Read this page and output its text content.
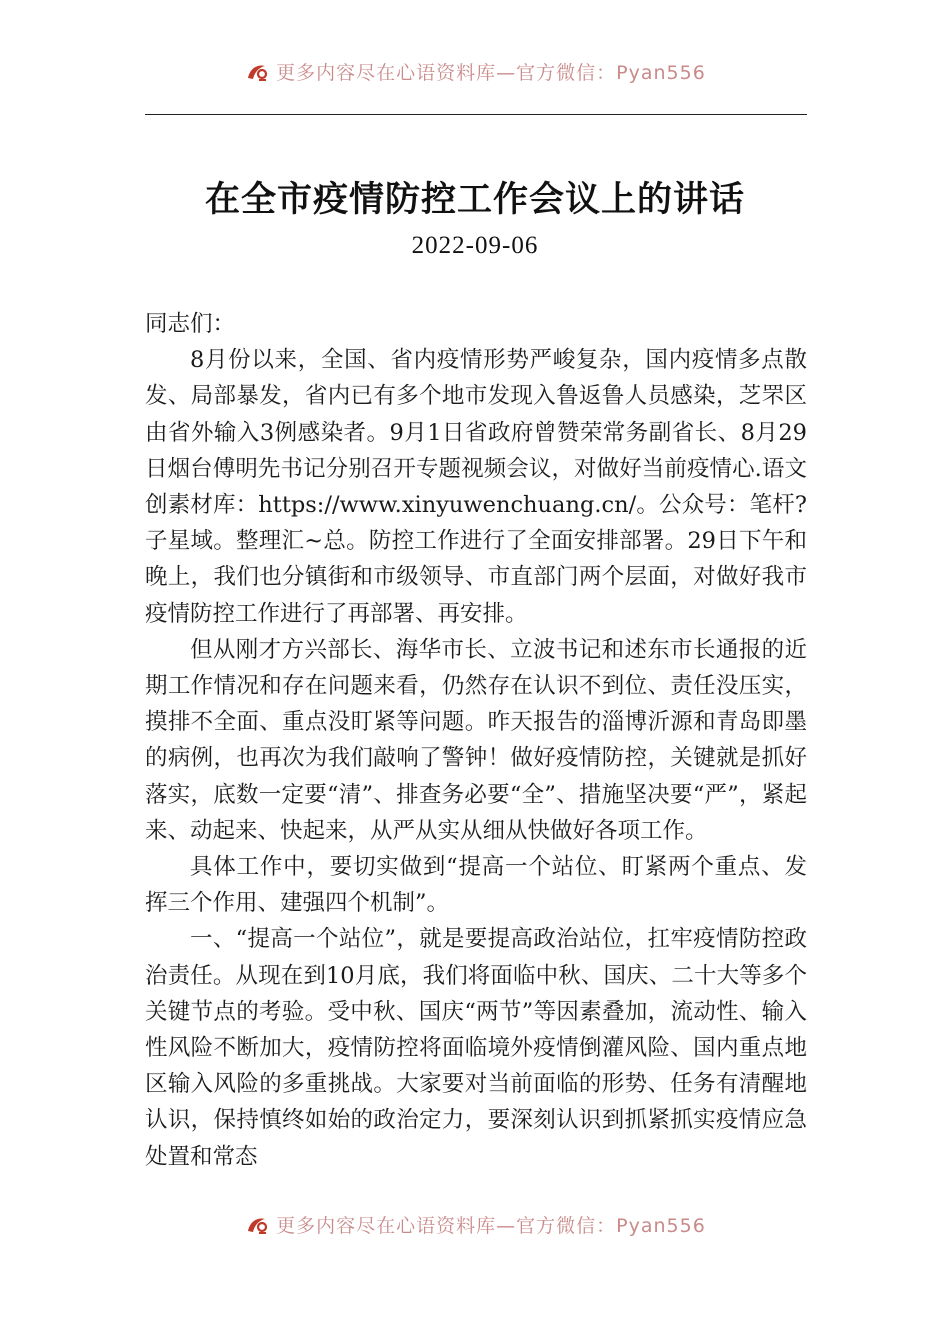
更多内容尽在心语资料库—官方微信：Pyan556
在全市疫情防控工作会议上的讲话
2022-09-06

同志们：

8月份以来，全国、省内疫情形势严峻复杂，国内疫情多点散发、局部暴发，省内已有多个地市发现入鲁返鲁人员感染，芝罘区由省外输入3例感染者。9月1日省政府曾赞荣常务副省长、8月29日烟台傅明先书记分别召开专题视频会议，对做好当前疫情心.语文创素材库：https://www.xinyuwenchuang.cn/。公众号：笔杆?子星域。整理汇~总。防控工作进行了全面安排部署。29日下午和晚上，我们也分镇街和市级领导、市直部门两个层面，对做好我市疫情防控工作进行了再部署、再安排。

但从刚才方兴部长、海华市长、立波书记和述东市长通报的近期工作情况和存在问题来看，仍然存在认识不到位、责任没压实，摸排不全面、重点没盯紧等问题。昨天报告的淄博沂源和青岛即墨的病例，也再次为我们敲响了警钟！做好疫情防控，关键就是抓好落实，底数一定要“清”、排查务必要“全”、措施坚决要“严”，紧起来、动起来、快起来，从严从实从细从快做好各项工作。

具体工作中，要切实做到“提高一个站位、盯紧两个重点、发挥三个作用、建强四个机制”。

一、“提高一个站位”，就是要提高政治站位，扛牢疫情防控政治责任。从现在到10月底，我们将面临中秋、国庆、二十大等多个关键节点的考验。受中秋、国庆“两节”等因素叠加，流动性、输入性风险不断加大，疫情防控将面临境外疫情倒灌风险、国内重点地区输入风险的多重挑战。大家要对当前面临的形势、任务有清醒地认识，保持慎终如始的政治定力，要深刻认识到抓紧抓实疫情应急处置和常态

更多内容尽在心语资料库—官方微信：Pyan556
